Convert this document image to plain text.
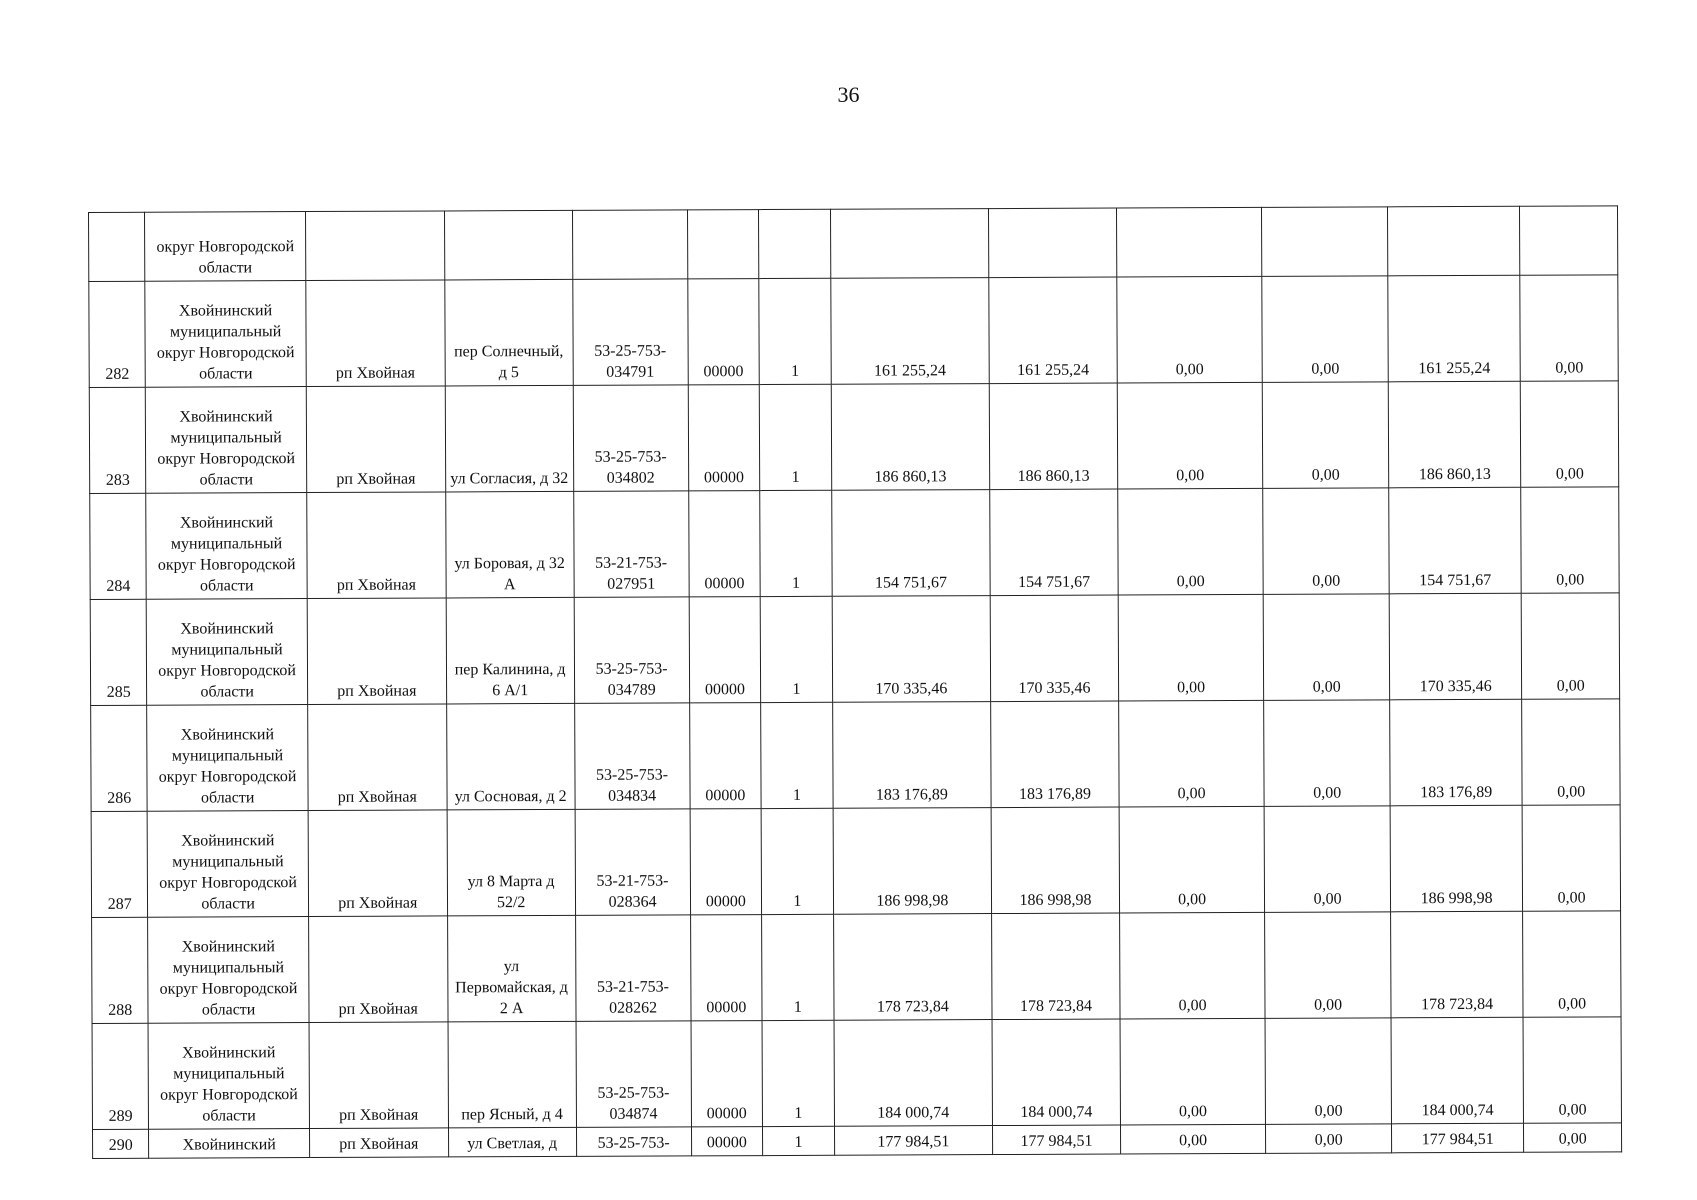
36
	округ Новгородской области											
282	Хвойнинский муниципальный округ Новгородской области	рп Хвойная	пер Солнечный, д 5	53-25-753-034791	00000	1	161 255,24	161 255,24	0,00	0,00	161 255,24	0,00
283	Хвойнинский муниципальный округ Новгородской области	рп Хвойная	ул Согласия, д 32	53-25-753-034802	00000	1	186 860,13	186 860,13	0,00	0,00	186 860,13	0,00
284	Хвойнинский муниципальный округ Новгородской области	рп Хвойная	ул Боровая, д 32 А	53-21-753-027951	00000	1	154 751,67	154 751,67	0,00	0,00	154 751,67	0,00
285	Хвойнинский муниципальный округ Новгородской области	рп Хвойная	пер Калинина, д 6 А/1	53-25-753-034789	00000	1	170 335,46	170 335,46	0,00	0,00	170 335,46	0,00
286	Хвойнинский муниципальный округ Новгородской области	рп Хвойная	ул Сосновая, д 2	53-25-753-034834	00000	1	183 176,89	183 176,89	0,00	0,00	183 176,89	0,00
287	Хвойнинский муниципальный округ Новгородской области	рп Хвойная	ул 8 Марта д 52/2	53-21-753-028364	00000	1	186 998,98	186 998,98	0,00	0,00	186 998,98	0,00
288	Хвойнинский муниципальный округ Новгородской области	рп Хвойная	ул Первомайская, д 2 А	53-21-753-028262	00000	1	178 723,84	178 723,84	0,00	0,00	178 723,84	0,00
289	Хвойнинский муниципальный округ Новгородской области	рп Хвойная	пер Ясный, д 4	53-25-753-034874	00000	1	184 000,74	184 000,74	0,00	0,00	184 000,74	0,00
290	Хвойнинский	рп Хвойная	ул Светлая, д	53-25-753-	00000	1	177 984,51	177 984,51	0,00	0,00	177 984,51	0,00
